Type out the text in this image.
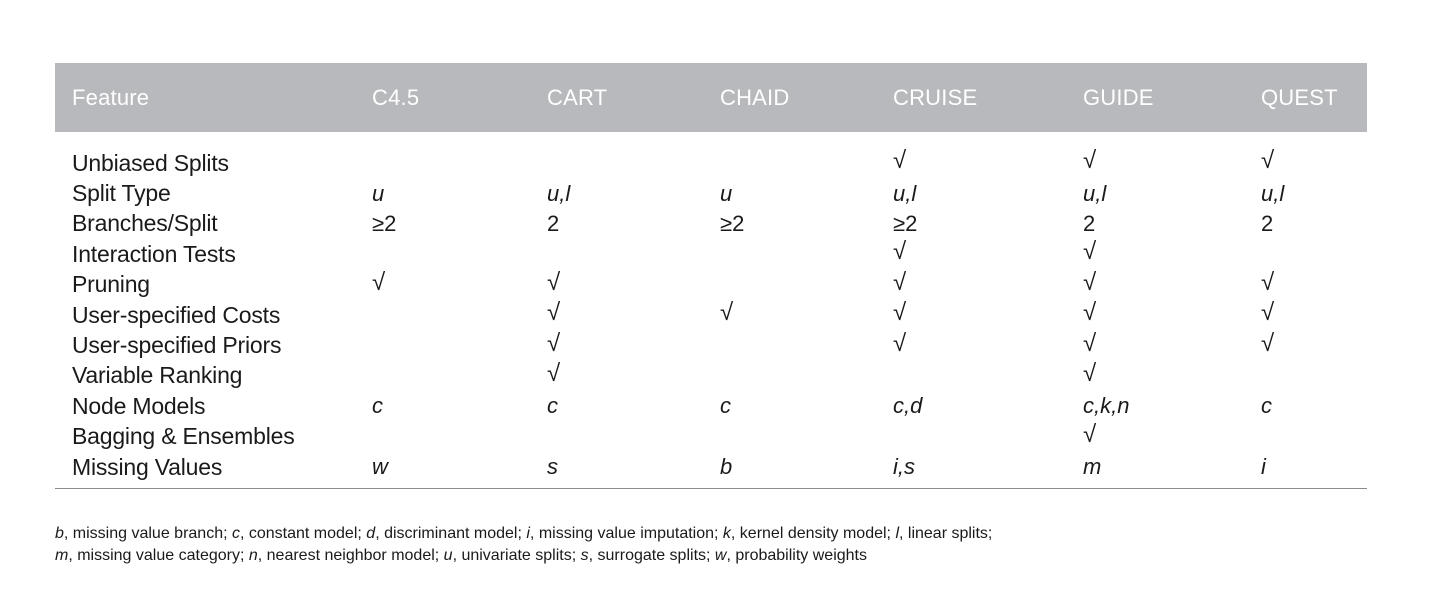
Feature	C4.5	CART	CHAID	CRUISE	GUIDE	QUEST

Unbiased Splits				√	√	√
Split Type	u	u,l	u	u,l	u,l	u,l
Branches/Split	≥2	2	≥2	≥2	2	2
Interaction Tests				√	√	
Pruning	√	√		√	√	√
User-specified Costs		√	√	√	√	√
User-specified Priors		√		√	√	√
Variable Ranking		√			√	
Node Models	c	c	c	c,d	c,k,n	c
Bagging & Ensembles					√	
Missing Values	w	s	b	i,s	m	i
b, missing value branch; c, constant model; d, discriminant model; i, missing value imputation; k, kernel density model; l, linear splits;
m, missing value category; n, nearest neighbor model; u, univariate splits; s, surrogate splits; w, probability weights
